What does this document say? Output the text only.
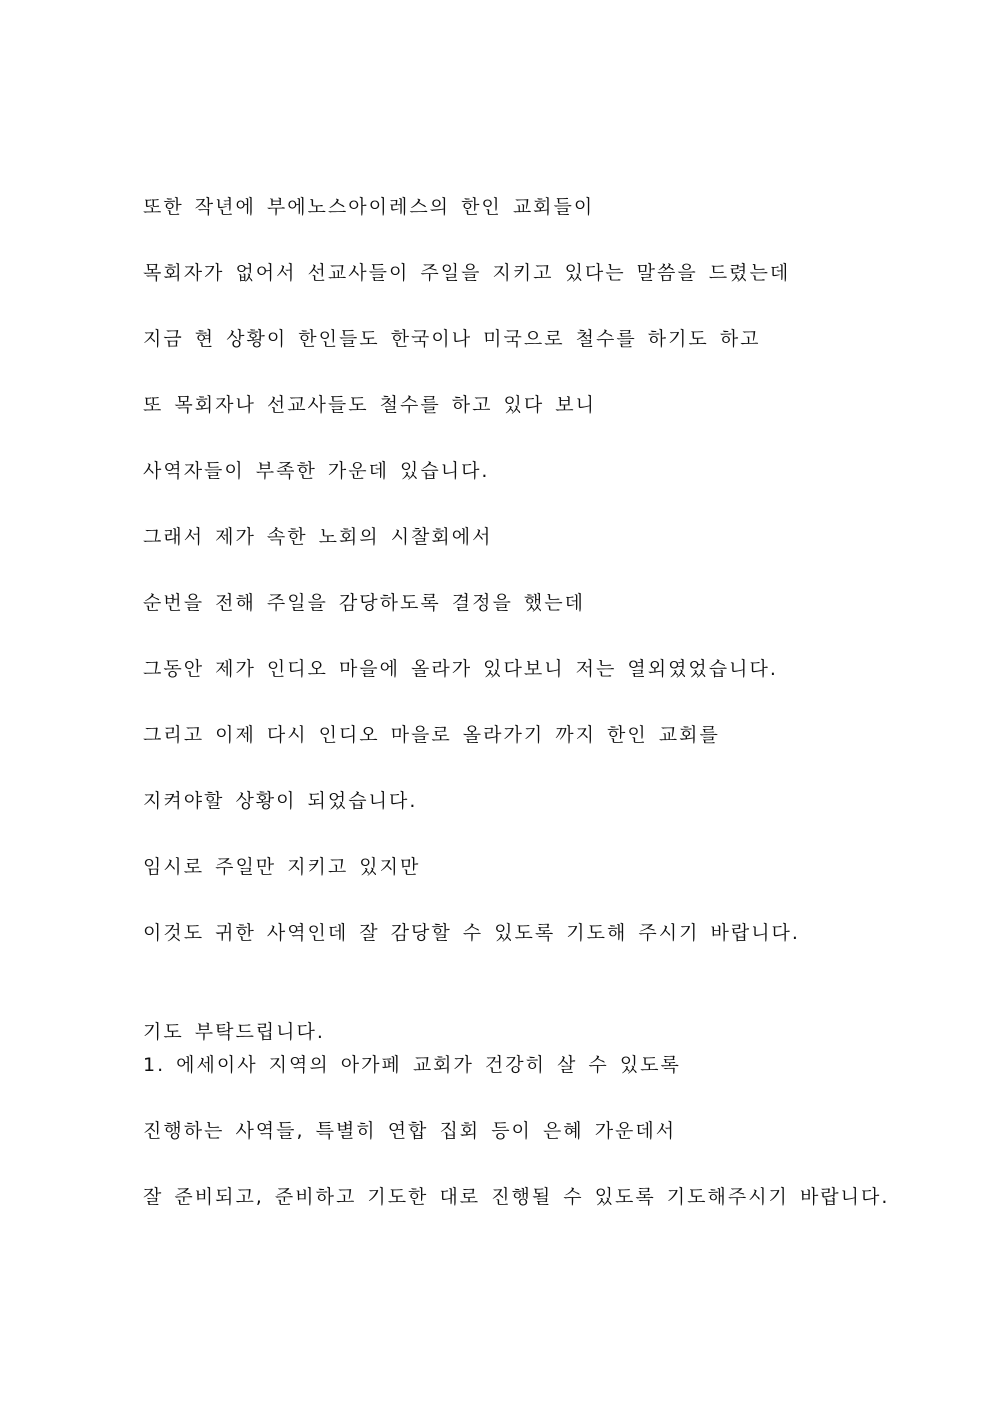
또한 작년에 부에노스아이레스의 한인 교회들이
목회자가 없어서 선교사들이 주일을 지키고 있다는 말씀을 드렸는데
지금 현 상황이 한인들도 한국이나 미국으로 철수를 하기도 하고
또 목회자나 선교사들도 철수를 하고 있다 보니
사역자들이 부족한 가운데 있습니다.
그래서 제가 속한 노회의 시찰회에서
순번을 전해 주일을 감당하도록 결정을 했는데
그동안 제가 인디오 마을에 올라가 있다보니 저는 열외였었습니다.
그리고 이제 다시 인디오 마을로 올라가기 까지 한인 교회를
지켜야할 상황이 되었습니다.
임시로 주일만 지키고 있지만
이것도 귀한 사역인데 잘 감당할 수 있도록 기도해 주시기 바랍니다.
기도 부탁드립니다.
1. 에세이사 지역의 아가페 교회가 건강히 살 수 있도록
진행하는 사역들, 특별히 연합 집회 등이 은혜 가운데서
잘 준비되고, 준비하고 기도한 대로 진행될 수 있도록 기도해주시기 바랍니다.
